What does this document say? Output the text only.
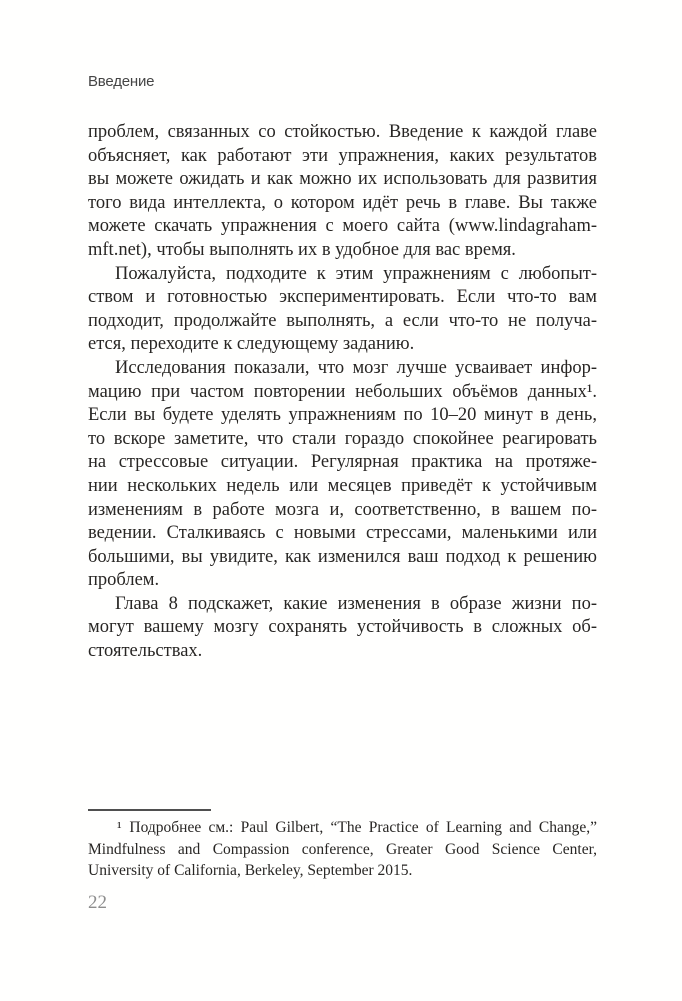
Введение
проблем, связанных со стойкостью. Введение к каждой главе
объясняет, как работают эти упражнения, каких результатов
вы можете ожидать и как можно их использовать для развития
того вида интеллекта, о котором идёт речь в главе. Вы также
можете скачать упражнения с моего сайта (www.lindagraham-
mft.net), чтобы выполнять их в удобное для вас время.
Пожалуйста, подходите к этим упражнениям с любопыт-
ством и готовностью экспериментировать. Если что-то вам
подходит, продолжайте выполнять, а если что-то не получа-
ется, переходите к следующему заданию.
Исследования показали, что мозг лучше усваивает инфор-
мацию при частом повторении небольших объёмов данных¹.
Если вы будете уделять упражнениям по 10–20 минут в день,
то вскоре заметите, что стали гораздо спокойнее реагировать
на стрессовые ситуации. Регулярная практика на протяже-
нии нескольких недель или месяцев приведёт к устойчивым
изменениям в работе мозга и, соответственно, в вашем по-
ведении. Сталкиваясь с новыми стрессами, маленькими или
большими, вы увидите, как изменился ваш подход к решению
проблем.
Глава 8 подскажет, какие изменения в образе жизни по-
могут вашему мозгу сохранять устойчивость в сложных об-
стоятельствах.
¹ Подробнее см.: Paul Gilbert, “The Practice of Learning and Change,”
Mindfulness and Compassion conference, Greater Good Science Center,
University of California, Berkeley, September 2015.
22
